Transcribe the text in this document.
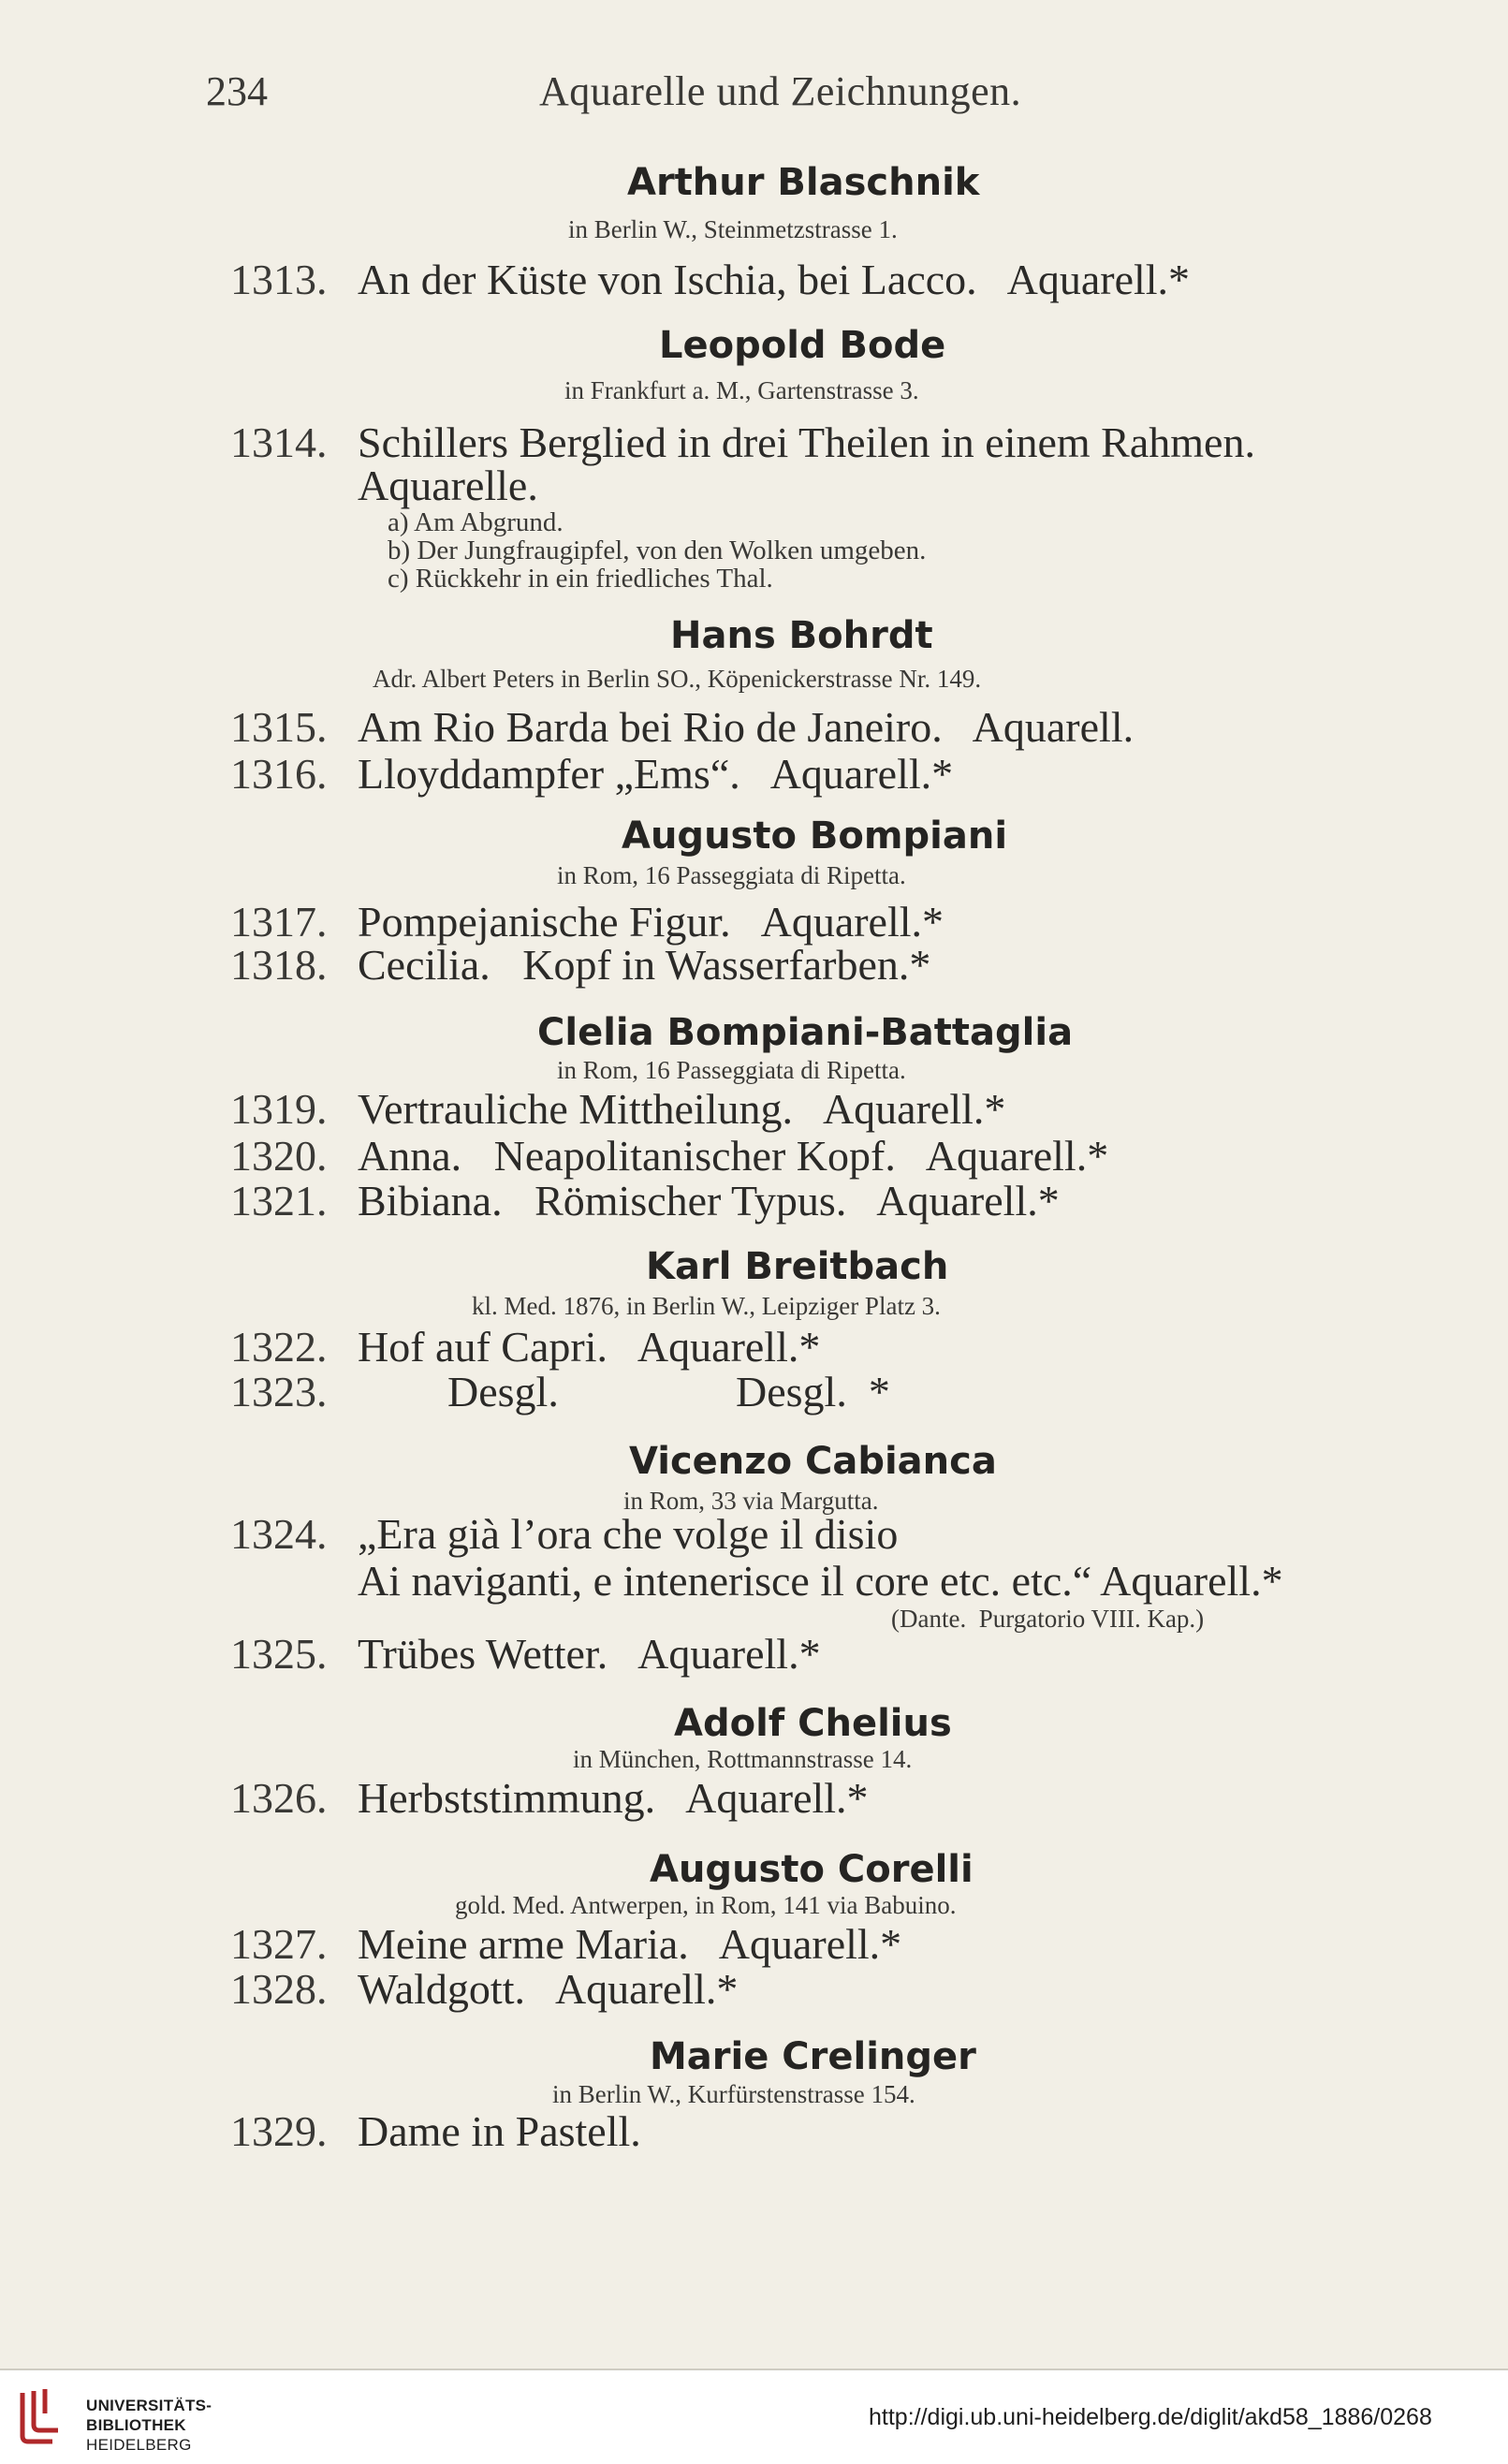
234	Aquarelle und Zeichnungen.
Arthur Blaschnik
in Berlin W., Steinmetzstrasse 1.
1313. An der Küste von Ischia, bei Lacco.   Aquarell.*
Leopold Bode
in Frankfurt a. M., Gartenstrasse 3.
1314. Schillers Berglied in drei Theilen in einem Rahmen.
Aquarelle.
a) Am Abgrund.
b) Der Jungfraugipfel, von den Wolken umgeben.
c) Rückkehr in ein friedliches Thal.
Hans Bohrdt
Adr. Albert Peters in Berlin SO., Köpenickerstrasse Nr. 149.
1315. Am Rio Barda bei Rio de Janeiro.   Aquarell.
1316. Lloyddampfer „Ems“.   Aquarell.*
Augusto Bompiani
in Rom, 16 Passeggiata di Ripetta.
1317. Pompejanische Figur.   Aquarell.*
1318. Cecilia.   Kopf in Wasserfarben.*
Clelia Bompiani-Battaglia
in Rom, 16 Passeggiata di Ripetta.
1319. Vertrauliche Mittheilung.   Aquarell.*
1320. Anna.   Neapolitanischer Kopf.   Aquarell.*
1321. Bibiana.   Römischer Typus.   Aquarell.*
Karl Breitbach
kl. Med. 1876, in Berlin W., Leipziger Platz 3.
1322. Hof auf Capri.   Aquarell.*
1323.	Desgl.	Desgl.  *
Vicenzo Cabianca
in Rom, 33 via Margutta.
1324. „Era già l’ora che volge il disio
Ai naviganti, e intenerisce il core etc. etc.“ Aquarell.*
(Dante.  Purgatorio VIII. Kap.)
1325. Trübes Wetter.   Aquarell.*
Adolf Chelius
in München, Rottmannstrasse 14.
1326. Herbststimmung.   Aquarell.*
Augusto Corelli
gold. Med. Antwerpen, in Rom, 141 via Babuino.
1327. Meine arme Maria.   Aquarell.*
1328. Waldgott.   Aquarell.*
Marie Crelinger
in Berlin W., Kurfürstenstrasse 154.
1329. Dame in Pastell.
UNIVERSITÄTS-
BIBLIOTHEK
HEIDELBERG
http://digi.ub.uni-heidelberg.de/diglit/akd58_1886/0268
